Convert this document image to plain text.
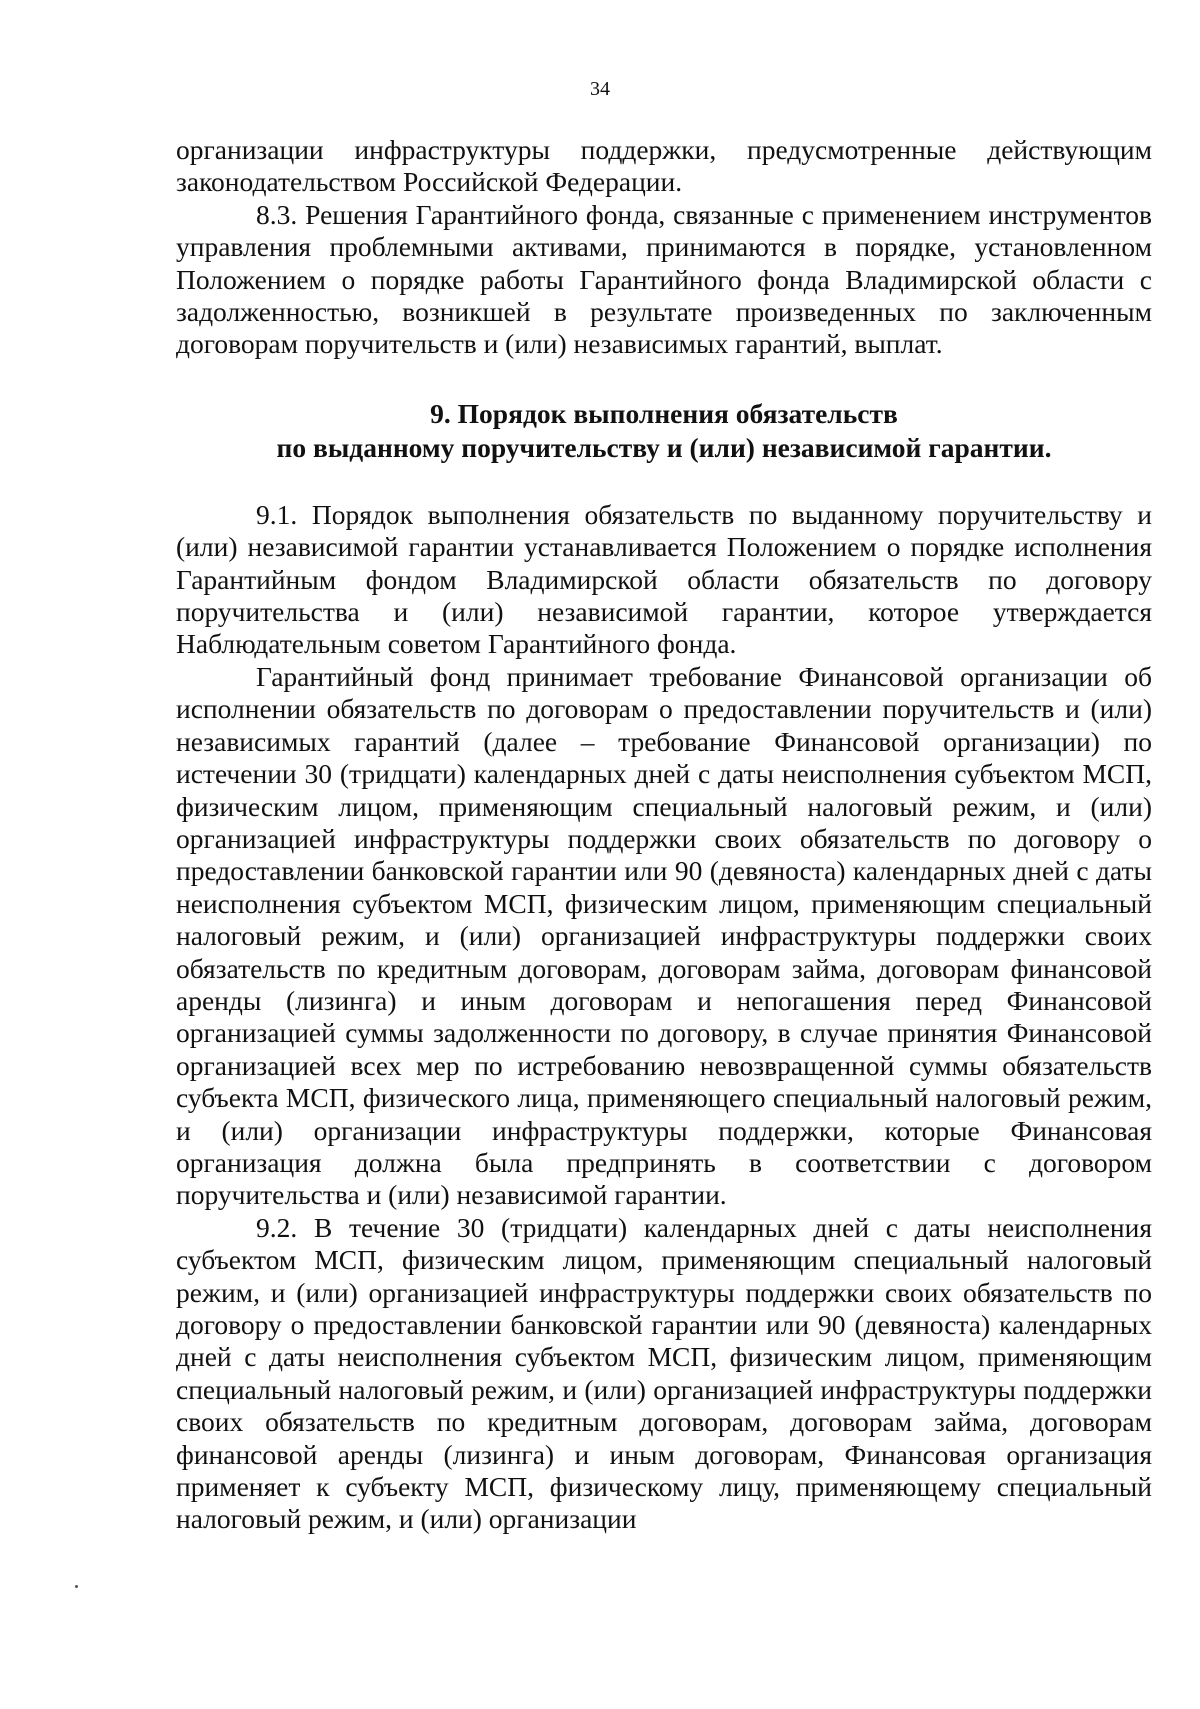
34

организации инфраструктуры поддержки, предусмотренные действующим законодательством Российской Федерации.

8.3. Решения Гарантийного фонда, связанные с применением инструментов управления проблемными активами, принимаются в порядке, установленном Положением о порядке работы Гарантийного фонда Владимирской области с задолженностью, возникшей в результате произведенных по заключенным договорам поручительств и (или) независимых гарантий, выплат.

9. Порядок выполнения обязательств
по выданному поручительству и (или) независимой гарантии.

9.1. Порядок выполнения обязательств по выданному поручительству и (или) независимой гарантии устанавливается Положением о порядке исполнения Гарантийным фондом Владимирской области обязательств по договору поручительства и (или) независимой гарантии, которое утверждается Наблюдательным советом Гарантийного фонда.

Гарантийный фонд принимает требование Финансовой организации об исполнении обязательств по договорам о предоставлении поручительств и (или) независимых гарантий (далее – требование Финансовой организации) по истечении 30 (тридцати) календарных дней с даты неисполнения субъектом МСП, физическим лицом, применяющим специальный налоговый режим, и (или) организацией инфраструктуры поддержки своих обязательств по договору о предоставлении банковской гарантии или 90 (девяноста) календарных дней с даты неисполнения субъектом МСП, физическим лицом, применяющим специальный налоговый режим, и (или) организацией инфраструктуры поддержки своих обязательств по кредитным договорам, договорам займа, договорам финансовой аренды (лизинга) и иным договорам и непогашения перед Финансовой организацией суммы задолженности по договору, в случае принятия Финансовой организацией всех мер по истребованию невозвращенной суммы обязательств субъекта МСП, физического лица, применяющего специальный налоговый режим, и (или) организации инфраструктуры поддержки, которые Финансовая организация должна была предпринять в соответствии с договором поручительства и (или) независимой гарантии.

9.2. В течение 30 (тридцати) календарных дней с даты неисполнения субъектом МСП, физическим лицом, применяющим специальный налоговый режим, и (или) организацией инфраструктуры поддержки своих обязательств по договору о предоставлении банковской гарантии или 90 (девяноста) календарных дней с даты неисполнения субъектом МСП, физическим лицом, применяющим специальный налоговый режим, и (или) организацией инфраструктуры поддержки своих обязательств по кредитным договорам, договорам займа, договорам финансовой аренды (лизинга) и иным договорам, Финансовая организация применяет к субъекту МСП, физическому лицу, применяющему специальный налоговый режим, и (или) организации
